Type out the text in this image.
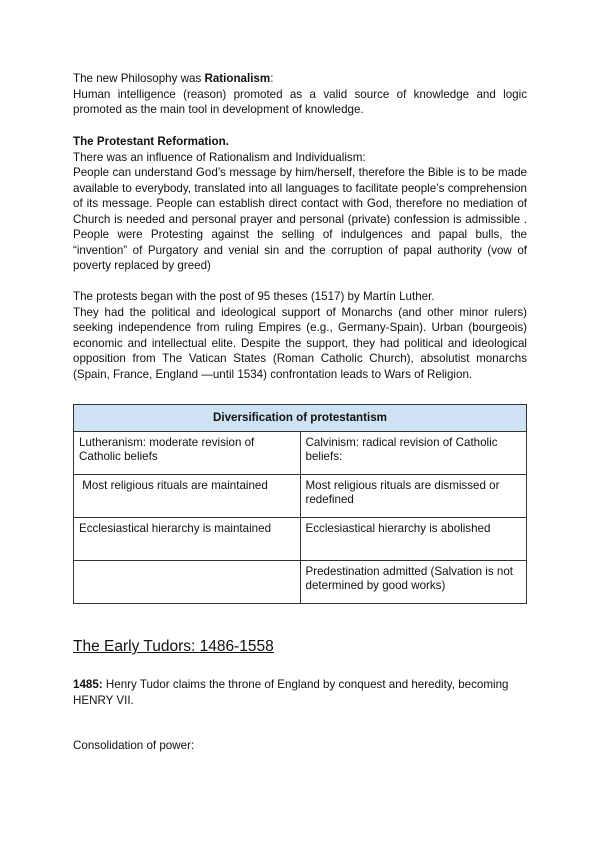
The new Philosophy was Rationalism:

Human intelligence (reason) promoted as a valid source of knowledge and logic promoted as the main tool in development of knowledge.

The Protestant Reformation.

There was an influence of Rationalism and Individualism:

People can understand God’s message by him/herself, therefore the Bible is to be made available to everybody, translated into all languages to facilitate people’s comprehension of its message. People can establish direct contact with God, therefore no mediation of Church is needed and personal prayer and personal (private) confession is admissible . People were Protesting against the selling of indulgences and papal bulls, the “invention” of Purgatory and venial sin and the corruption of papal authority (vow of poverty replaced by greed)

The protests began with the post of 95 theses (1517) by Martín Luther.

They had the political and ideological support of Monarchs (and other minor rulers) seeking independence from ruling Empires (e.g., Germany-Spain). Urban (bourgeois) economic and intellectual elite. Despite the support, they had political and ideological opposition from The Vatican States (Roman Catholic Church), absolutist monarchs (Spain, France, England —until 1534) confrontation leads to Wars of Religion.

Diversification of protestantism	
Lutheranism: moderate revision of Catholic beliefs	Calvinism: radical revision of Catholic beliefs:
Most religious rituals are maintained	Most religious rituals are dismissed or redefined
Ecclesiastical hierarchy is maintained	Ecclesiastical hierarchy is abolished
	Predestination admitted (Salvation is not determined by good works)

The Early Tudors: 1486-1558

1485: Henry Tudor claims the throne of England by conquest and heredity, becoming HENRY VII.

Consolidation of power:
